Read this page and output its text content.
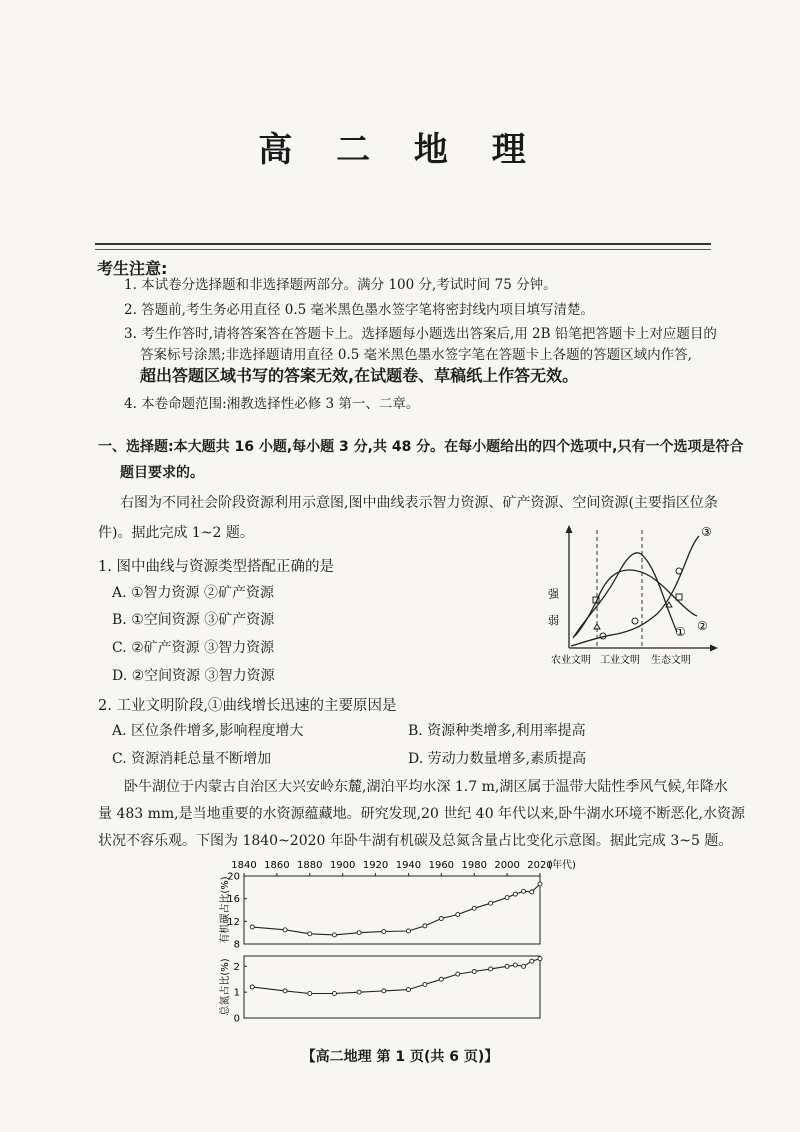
高 二 地 理
考生注意:
1. 本试卷分选择题和非选择题两部分。满分 100 分,考试时间 75 分钟。
2. 答题前,考生务必用直径 0.5 毫米黑色墨水签字笔将密封线内项目填写清楚。
3. 考生作答时,请将答案答在答题卡上。选择题每小题选出答案后,用 2B 铅笔把答题卡上对应题目的
答案标号涂黑;非选择题请用直径 0.5 毫米黑色墨水签字笔在答题卡上各题的答题区域内作答,
超出答题区域书写的答案无效,在试题卷、草稿纸上作答无效。
4. 本卷命题范围:湘教选择性必修 3 第一、二章。
一、选择题:本大题共 16 小题,每小题 3 分,共 48 分。在每小题给出的四个选项中,只有一个选项是符合
题目要求的。
右图为不同社会阶段资源利用示意图,图中曲线表示智力资源、矿产资源、空间资源(主要指区位条
件)。据此完成 1~2 题。
1. 图中曲线与资源类型搭配正确的是
A. ①智力资源 ②矿产资源
B. ①空间资源 ③矿产资源
C. ②矿产资源 ③智力资源
D. ②空间资源 ③智力资源
强 弱
① ②
③
农业文明 工业文明 生态文明
2. 工业文明阶段,①曲线增长迅速的主要原因是
A. 区位条件增多,影响程度增大	B. 资源种类增多,利用率提高
C. 资源消耗总量不断增加	D. 劳动力数量增多,素质提高
卧牛湖位于内蒙古自治区大兴安岭东麓,湖泊平均水深 1.7 m,湖区属于温带大陆性季风气候,年降水
量 483 mm,是当地重要的水资源蕴藏地。研究发现,20 世纪 40 年代以来,卧牛湖水环境不断恶化,水资源
状况不容乐观。下图为 1840~2020 年卧牛湖有机碳及总氮含量占比变化示意图。据此完成 3~5 题。
1840 1860 1880 1900 1920 1940 1960 1980 2000 2020
(年代)
8
12
16
20
有机碳占比(%)
0
1
2
总氮占比(%)
【高二地理 第 1 页(共 6 页)】
